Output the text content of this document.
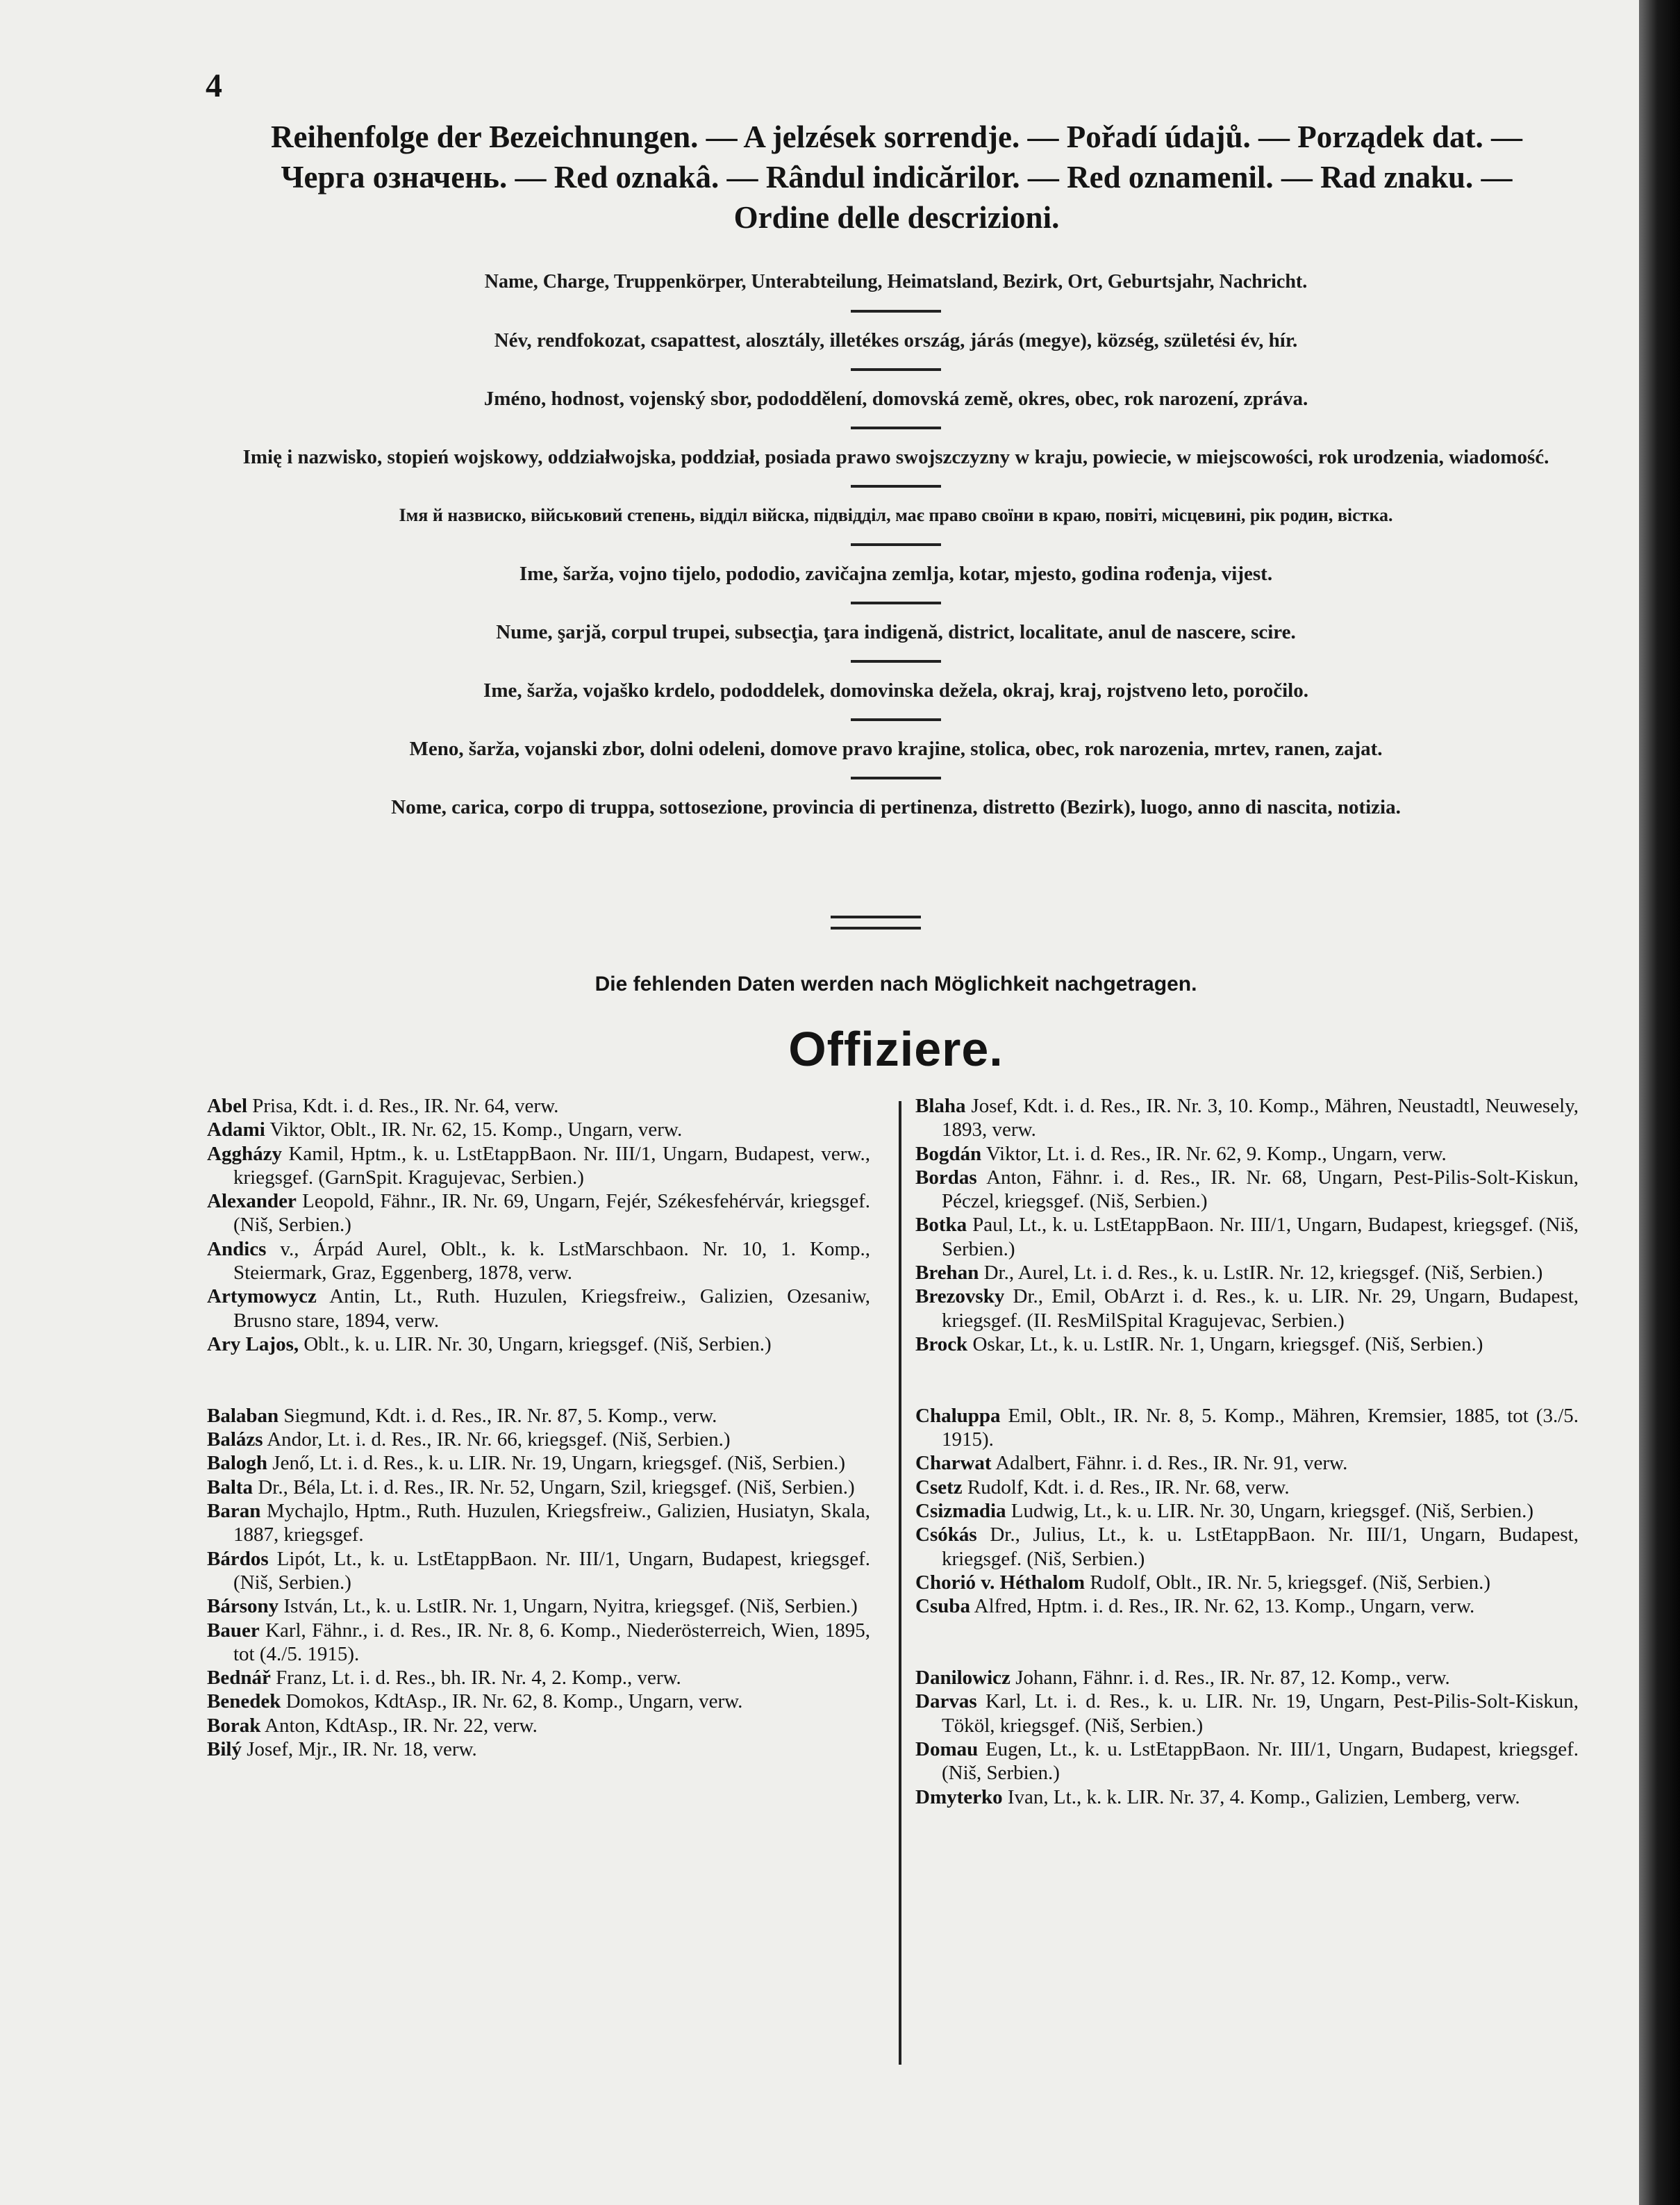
4

Reihenfolge der Bezeichnungen. — A jelzések sorrendje. — Pořadí údajů. — Porządek dat. —
Черга означень. — Red oznakâ. — Rândul indicărilor. — Red oznamenil. — Rad znaku. —
Ordine delle descrizioni.
Name, Charge, Truppenkörper, Unterabteilung, Heimatsland, Bezirk, Ort, Geburtsjahr, Nachricht.
Név, rendfokozat, csapattest, alosztály, illetékes ország, járás (megye), község, születési év, hír.
Jméno, hodnost, vojenský sbor, pododdělení, domovská země, okres, obec, rok narození, zpráva.
Imię i nazwisko, stopień wojskowy, oddziałwojska, poddział, posiada prawo swojszczyzny w kraju, powiecie, w miejscowości, rok urodzenia, wiadomość.
Імя й назвиско, військовий степень, відділ війска, підвідділ, має право своїни в краю, повіті, місцевині, рік родин, вістка.
Ime, šarža, vojno tijelo, pododio, zavičajna zemlja, kotar, mjesto, godina rođenja, vijest.
Nume, şarjă, corpul trupei, subsecţia, ţara indigenă, district, localitate, anul de nascere, scire.
Ime, šarža, vojaško krdelo, pododdelek, domovinska dežela, okraj, kraj, rojstveno leto, poročilo.
Meno, šarža, vojanski zbor, dolni odeleni, domove pravo krajine, stolica, obec, rok narozenia, mrtev, ranen, zajat.
Nome, carica, corpo di truppa, sottosezione, provincia di pertinenza, distretto (Bezirk), luogo, anno di nascita, notizia.
Die fehlenden Daten werden nach Möglichkeit nachgetragen.
Offiziere.

Abel Prisa, Kdt. i. d. Res., IR. Nr. 64, verw.

Adami Viktor, Oblt., IR. Nr. 62, 15. Komp., Ungarn, verw.

Aggházy Kamil, Hptm., k. u. LstEtappBaon. Nr. III/1, Ungarn, Budapest, verw., kriegsgef. (GarnSpit. Kragujevac, Serbien.)

Alexander Leopold, Fähnr., IR. Nr. 69, Ungarn, Fejér, Székesfehérvár, kriegsgef. (Niš, Serbien.)

Andics v., Árpád Aurel, Oblt., k. k. LstMarschbaon. Nr. 10, 1. Komp., Steiermark, Graz, Eggenberg, 1878, verw.

Artymowycz Antin, Lt., Ruth. Huzulen, Kriegsfreiw., Galizien, Ozesaniw, Brusno stare, 1894, verw.

Ary Lajos, Oblt., k. u. LIR. Nr. 30, Ungarn, kriegsgef. (Niš, Serbien.)

Balaban Siegmund, Kdt. i. d. Res., IR. Nr. 87, 5. Komp., verw.

Balázs Andor, Lt. i. d. Res., IR. Nr. 66, kriegsgef. (Niš, Serbien.)

Balogh Jenő, Lt. i. d. Res., k. u. LIR. Nr. 19, Ungarn, kriegsgef. (Niš, Serbien.)

Balta Dr., Béla, Lt. i. d. Res., IR. Nr. 52, Ungarn, Szil, kriegsgef. (Niš, Serbien.)

Baran Mychajlo, Hptm., Ruth. Huzulen, Kriegsfreiw., Galizien, Husiatyn, Skala, 1887, kriegsgef.

Bárdos Lipót, Lt., k. u. LstEtappBaon. Nr. III/1, Ungarn, Budapest, kriegsgef. (Niš, Serbien.)

Bársony István, Lt., k. u. LstIR. Nr. 1, Ungarn, Nyitra, kriegsgef. (Niš, Serbien.)

Bauer Karl, Fähnr., i. d. Res., IR. Nr. 8, 6. Komp., Niederösterreich, Wien, 1895, tot (4./5. 1915).

Bednář Franz, Lt. i. d. Res., bh. IR. Nr. 4, 2. Komp., verw.

Benedek Domokos, KdtAsp., IR. Nr. 62, 8. Komp., Ungarn, verw.

Borak Anton, KdtAsp., IR. Nr. 22, verw.

Bilý Josef, Mjr., IR. Nr. 18, verw.

Blaha Josef, Kdt. i. d. Res., IR. Nr. 3, 10. Komp., Mähren, Neustadtl, Neuwesely, 1893, verw.

Bogdán Viktor, Lt. i. d. Res., IR. Nr. 62, 9. Komp., Ungarn, verw.

Bordas Anton, Fähnr. i. d. Res., IR. Nr. 68, Ungarn, Pest-Pilis-Solt-Kiskun, Péczel, kriegsgef. (Niš, Serbien.)

Botka Paul, Lt., k. u. LstEtappBaon. Nr. III/1, Ungarn, Budapest, kriegsgef. (Niš, Serbien.)

Brehan Dr., Aurel, Lt. i. d. Res., k. u. LstIR. Nr. 12, kriegsgef. (Niš, Serbien.)

Brezovsky Dr., Emil, ObArzt i. d. Res., k. u. LIR. Nr. 29, Ungarn, Budapest, kriegsgef. (II. ResMilSpital Kragujevac, Serbien.)

Brock Oskar, Lt., k. u. LstIR. Nr. 1, Ungarn, kriegsgef. (Niš, Serbien.)

Chaluppa Emil, Oblt., IR. Nr. 8, 5. Komp., Mähren, Kremsier, 1885, tot (3./5. 1915).

Charwat Adalbert, Fähnr. i. d. Res., IR. Nr. 91, verw.

Csetz Rudolf, Kdt. i. d. Res., IR. Nr. 68, verw.

Csizmadia Ludwig, Lt., k. u. LIR. Nr. 30, Ungarn, kriegsgef. (Niš, Serbien.)

Csókás Dr., Julius, Lt., k. u. LstEtappBaon. Nr. III/1, Ungarn, Budapest, kriegsgef. (Niš, Serbien.)

Chorió v. Héthalom Rudolf, Oblt., IR. Nr. 5, kriegsgef. (Niš, Serbien.)

Csuba Alfred, Hptm. i. d. Res., IR. Nr. 62, 13. Komp., Ungarn, verw.

Danilowicz Johann, Fähnr. i. d. Res., IR. Nr. 87, 12. Komp., verw.

Darvas Karl, Lt. i. d. Res., k. u. LIR. Nr. 19, Ungarn, Pest-Pilis-Solt-Kiskun, Tököl, kriegsgef. (Niš, Serbien.)

Domau Eugen, Lt., k. u. LstEtappBaon. Nr. III/1, Ungarn, Budapest, kriegsgef. (Niš, Serbien.)

Dmyterko Ivan, Lt., k. k. LIR. Nr. 37, 4. Komp., Galizien, Lemberg, verw.
